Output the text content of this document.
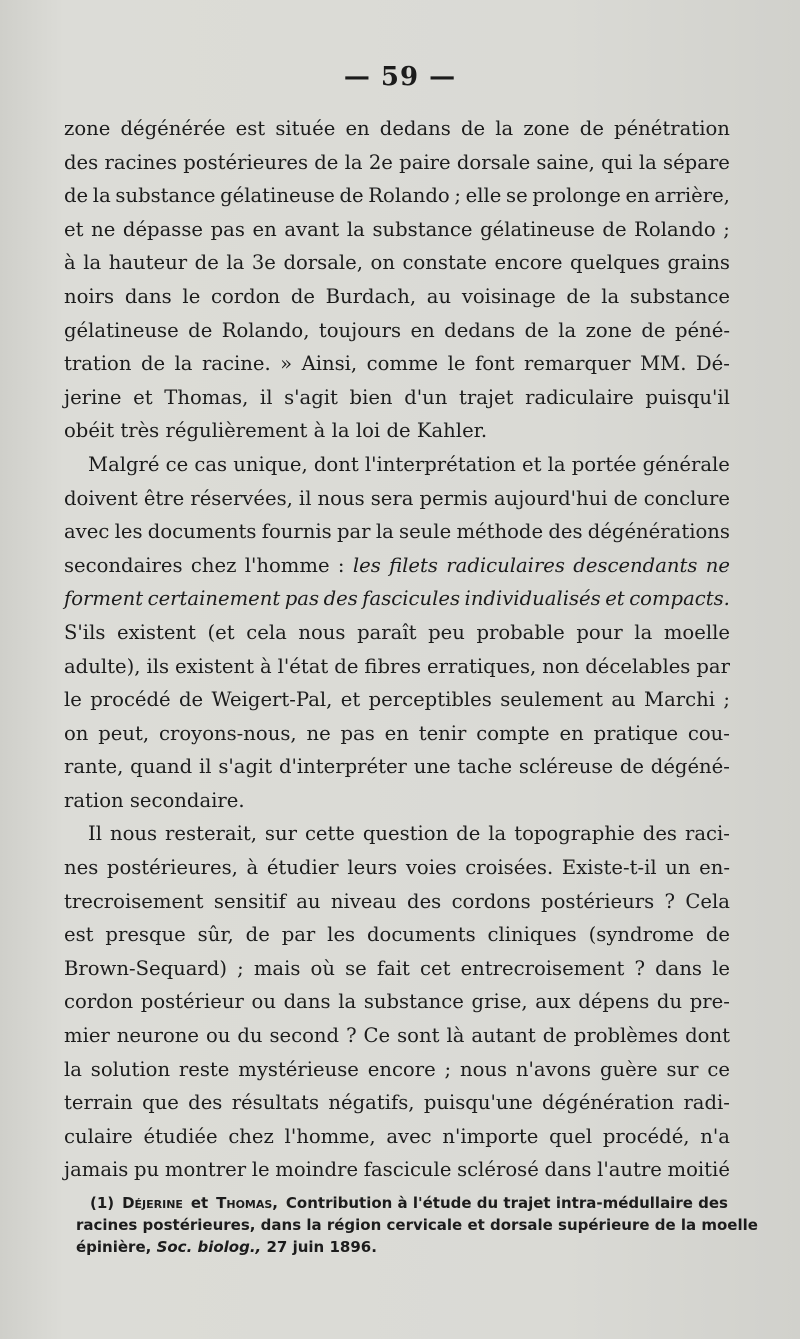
— 59 —
zone dégénérée est située en dedans de la zone de pénétration
des racines postérieures de la 2e paire dorsale saine, qui la sépare
de la substance gélatineuse de Rolando ; elle se prolonge en arrière,
et ne dépasse pas en avant la substance gélatineuse de Rolando ;
à la hauteur de la 3e dorsale, on constate encore quelques grains
noirs dans le cordon de Burdach, au voisinage de la substance
gélatineuse de Rolando, toujours en dedans de la zone de péné-
tration de la racine. » Ainsi, comme le font remarquer MM. Dé-
jerine et Thomas, il s'agit bien d'un trajet radiculaire puisqu'il
obéit très régulièrement à la loi de Kahler.
Malgré ce cas unique, dont l'interprétation et la portée générale
doivent être réservées, il nous sera permis aujourd'hui de conclure
avec les documents fournis par la seule méthode des dégénérations
secondaires chez l'homme : les filets radiculaires descendants ne
forment certainement pas des fascicules individualisés et compacts.
S'ils existent (et cela nous paraît peu probable pour la moelle
adulte), ils existent à l'état de fibres erratiques, non décelables par
le procédé de Weigert-Pal, et perceptibles seulement au Marchi ;
on peut, croyons-nous, ne pas en tenir compte en pratique cou-
rante, quand il s'agit d'interpréter une tache scléreuse de dégéné-
ration secondaire.
Il nous resterait, sur cette question de la topographie des raci-
nes postérieures, à étudier leurs voies croisées. Existe-t-il un en-
trecroisement sensitif au niveau des cordons postérieurs ? Cela
est presque sûr, de par les documents cliniques (syndrome de
Brown-Sequard) ; mais où se fait cet entrecroisement ? dans le
cordon postérieur ou dans la substance grise, aux dépens du pre-
mier neurone ou du second ? Ce sont là autant de problèmes dont
la solution reste mystérieuse encore ; nous n'avons guère sur ce
terrain que des résultats négatifs, puisqu'une dégénération radi-
culaire étudiée chez l'homme, avec n'importe quel procédé, n'a
jamais pu montrer le moindre fascicule sclérosé dans l'autre moitié
(1) Déjerine et Thomas, Contribution à l'étude du trajet intra-médullaire des
racines postérieures, dans la région cervicale et dorsale supérieure de la moelle
épinière,
Soc. biolog.,
27 juin 1896.
